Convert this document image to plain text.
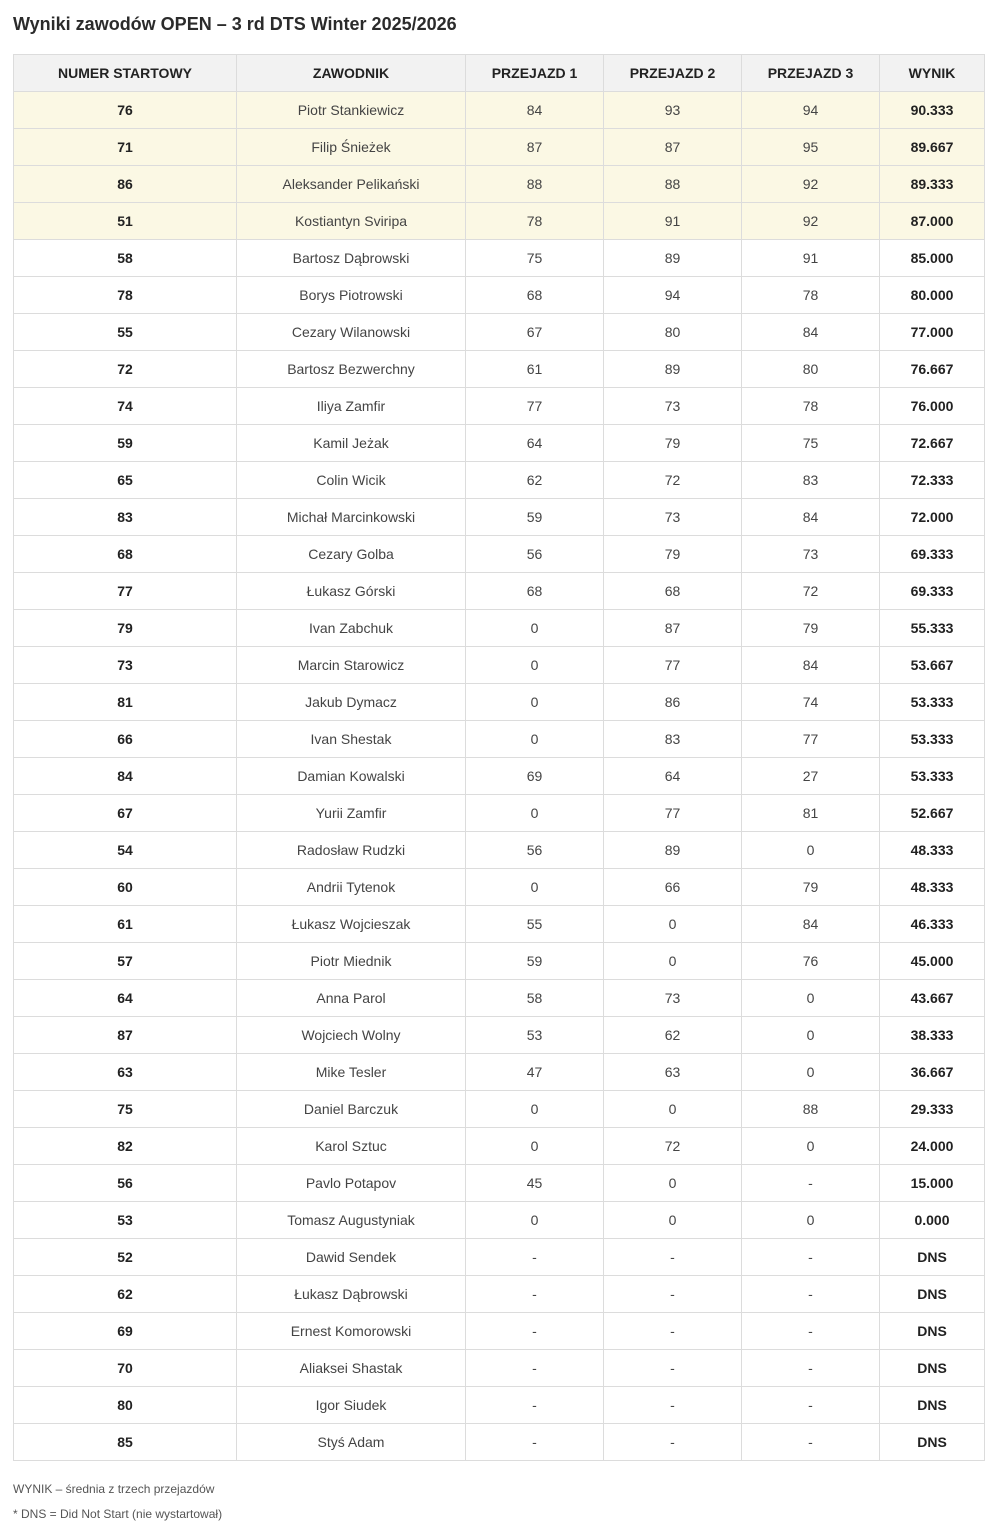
Wyniki zawodów OPEN – 3 rd DTS Winter 2025/2026
NUMER STARTOWY	ZAWODNIK	PRZEJAZD 1	PRZEJAZD 2	PRZEJAZD 3	WYNIK
76	Piotr Stankiewicz	84	93	94	90.333
71	Filip Śnieżek	87	87	95	89.667
86	Aleksander Pelikański	88	88	92	89.333
51	Kostiantyn Sviripa	78	91	92	87.000
58	Bartosz Dąbrowski	75	89	91	85.000
78	Borys Piotrowski	68	94	78	80.000
55	Cezary Wilanowski	67	80	84	77.000
72	Bartosz Bezwerchny	61	89	80	76.667
74	Iliya Zamfir	77	73	78	76.000
59	Kamil Jeżak	64	79	75	72.667
65	Colin Wicik	62	72	83	72.333
83	Michał Marcinkowski	59	73	84	72.000
68	Cezary Golba	56	79	73	69.333
77	Łukasz Górski	68	68	72	69.333
79	Ivan Zabchuk	0	87	79	55.333
73	Marcin Starowicz	0	77	84	53.667
81	Jakub Dymacz	0	86	74	53.333
66	Ivan Shestak	0	83	77	53.333
84	Damian Kowalski	69	64	27	53.333
67	Yurii Zamfir	0	77	81	52.667
54	Radosław Rudzki	56	89	0	48.333
60	Andrii Tytenok	0	66	79	48.333
61	Łukasz Wojcieszak	55	0	84	46.333
57	Piotr Miednik	59	0	76	45.000
64	Anna Parol	58	73	0	43.667
87	Wojciech Wolny	53	62	0	38.333
63	Mike Tesler	47	63	0	36.667
75	Daniel Barczuk	0	0	88	29.333
82	Karol Sztuc	0	72	0	24.000
56	Pavlo Potapov	45	0	-	15.000
53	Tomasz Augustyniak	0	0	0	0.000
52	Dawid Sendek	-	-	-	DNS
62	Łukasz Dąbrowski	-	-	-	DNS
69	Ernest Komorowski	-	-	-	DNS
70	Aliaksei Shastak	-	-	-	DNS
80	Igor Siudek	-	-	-	DNS
85	Styś Adam	-	-	-	DNS
WYNIK – średnia z trzech przejazdów
* DNS = Did Not Start (nie wystartował)
